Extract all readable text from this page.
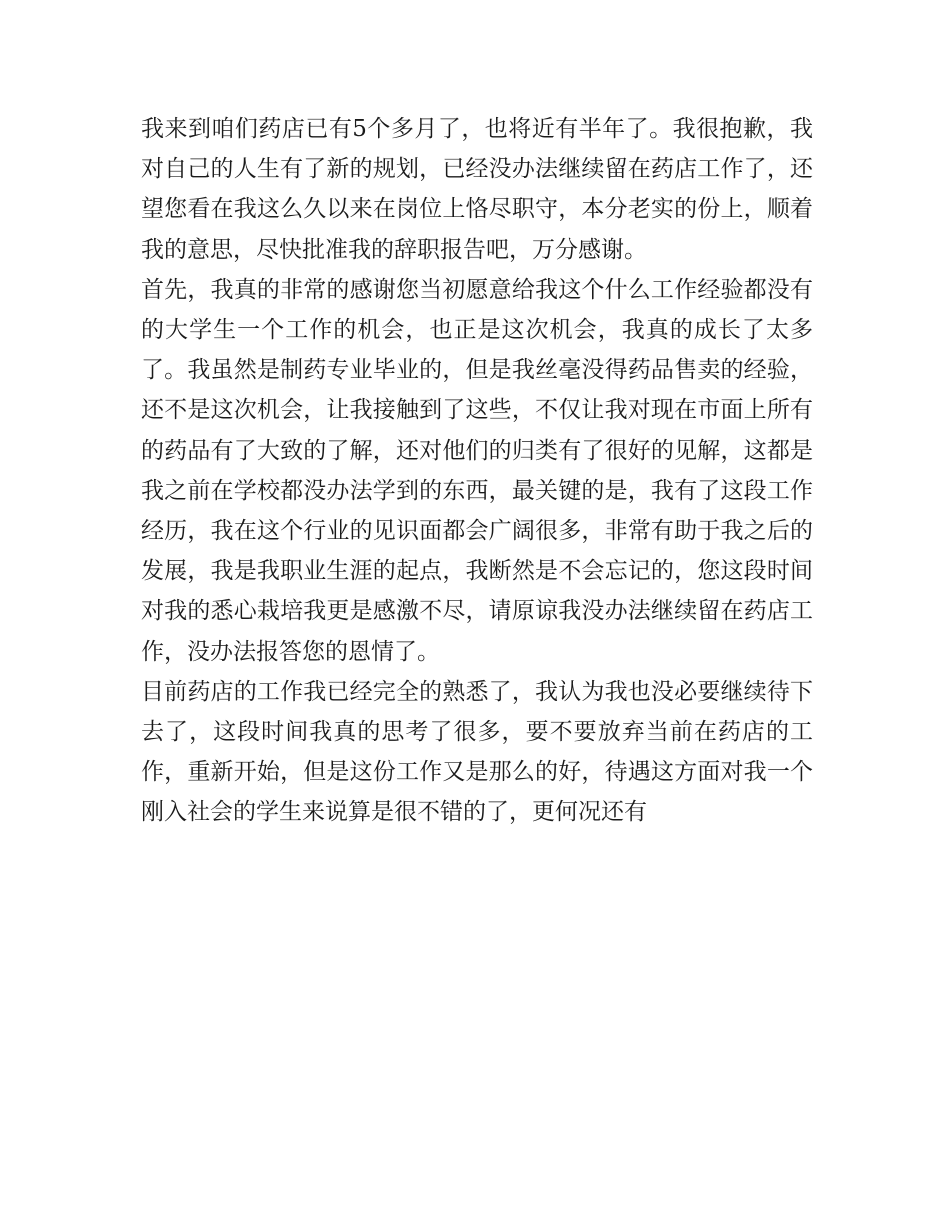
我来到咱们药店已有5个多月了，也将近有半年了。我很抱歉，我对自己的人生有了新的规划，已经没办法继续留在药店工作了，还望您看在我这么久以来在岗位上恪尽职守，本分老实的份上，顺着我的意思，尽快批准我的辞职报告吧，万分感谢。

首先，我真的非常的感谢您当初愿意给我这个什么工作经验都没有的大学生一个工作的机会，也正是这次机会，我真的成长了太多了。我虽然是制药专业毕业的，但是我丝毫没得药品售卖的经验，还不是这次机会，让我接触到了这些，不仅让我对现在市面上所有的药品有了大致的了解，还对他们的归类有了很好的见解，这都是我之前在学校都没办法学到的东西，最关键的是，我有了这段工作经历，我在这个行业的见识面都会广阔很多，非常有助于我之后的发展，我是我职业生涯的起点，我断然是不会忘记的，您这段时间对我的悉心栽培我更是感激不尽，请原谅我没办法继续留在药店工作，没办法报答您的恩情了。

目前药店的工作我已经完全的熟悉了，我认为我也没必要继续待下去了，这段时间我真的思考了很多，要不要放弃当前在药店的工作，重新开始，但是这份工作又是那么的好，待遇这方面对我一个刚入社会的学生来说算是很不错的了，更何况还有
